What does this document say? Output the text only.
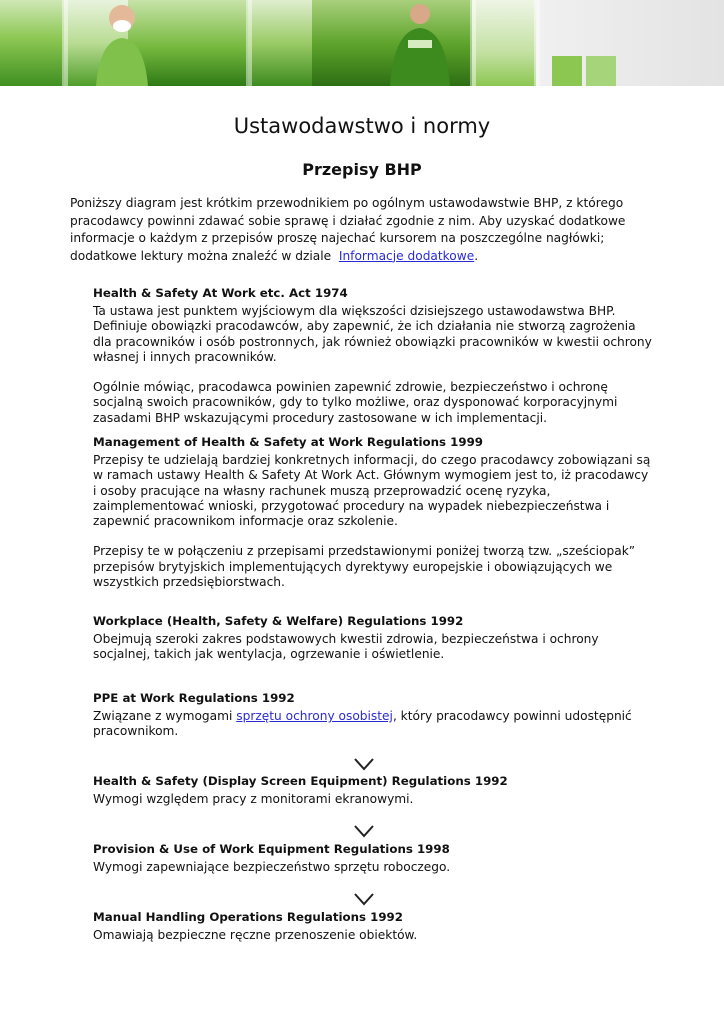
Ustawodawstwo i normy
Przepisy BHP
Poniższy diagram jest krótkim przewodnikiem po ogólnym ustawodawstwie BHP, z którego pracodawcy powinni zdawać sobie sprawę i działać zgodnie z nim. Aby uzyskać dodatkowe informacje o każdym z przepisów proszę najechać kursorem na poszczególne nagłówki; dodatkowe lektury można znaleźć w dziale  Informacje dodatkowe.
Health & Safety At Work etc. Act 1974

Ta ustawa jest punktem wyjściowym dla większości dzisiejszego ustawodawstwa BHP. Definiuje obowiązki pracodawców, aby zapewnić, że ich działania nie stworzą zagrożenia dla pracowników i osób postronnych, jak również obowiązki pracowników w kwestii ochrony własnej i innych pracowników.

Ogólnie mówiąc, pracodawca powinien zapewnić zdrowie, bezpieczeństwo i ochronę socjalną swoich pracowników, gdy to tylko możliwe, oraz dysponować korporacyjnymi zasadami BHP wskazującymi procedury zastosowane w ich implementacji.

Management of Health & Safety at Work Regulations 1999

Przepisy te udzielają bardziej konkretnych informacji, do czego pracodawcy zobowiązani są w ramach ustawy Health & Safety At Work Act. Głównym wymogiem jest to, iż pracodawcy i osoby pracujące na własny rachunek muszą przeprowadzić ocenę ryzyka, zaimplementować wnioski, przygotować procedury na wypadek niebezpieczeństwa i zapewnić pracownikom informacje oraz szkolenie.

Przepisy te w połączeniu z przepisami przedstawionymi poniżej tworzą tzw. „sześciopak” przepisów brytyjskich implementujących dyrektywy europejskie i obowiązujących we wszystkich przedsiębiorstwach.

Workplace (Health, Safety & Welfare) Regulations 1992

Obejmują szeroki zakres podstawowych kwestii zdrowia, bezpieczeństwa i ochrony socjalnej, takich jak wentylacja, ogrzewanie i oświetlenie.

PPE at Work Regulations 1992

Związane z wymogami sprzętu ochrony osobistej, który pracodawcy powinni udostępnić pracownikom.

Health & Safety (Display Screen Equipment) Regulations 1992

Wymogi względem pracy z monitorami ekranowymi.

Provision & Use of Work Equipment Regulations 1998

Wymogi zapewniające bezpieczeństwo sprzętu roboczego.

Manual Handling Operations Regulations 1992

Omawiają bezpieczne ręczne przenoszenie obiektów.
